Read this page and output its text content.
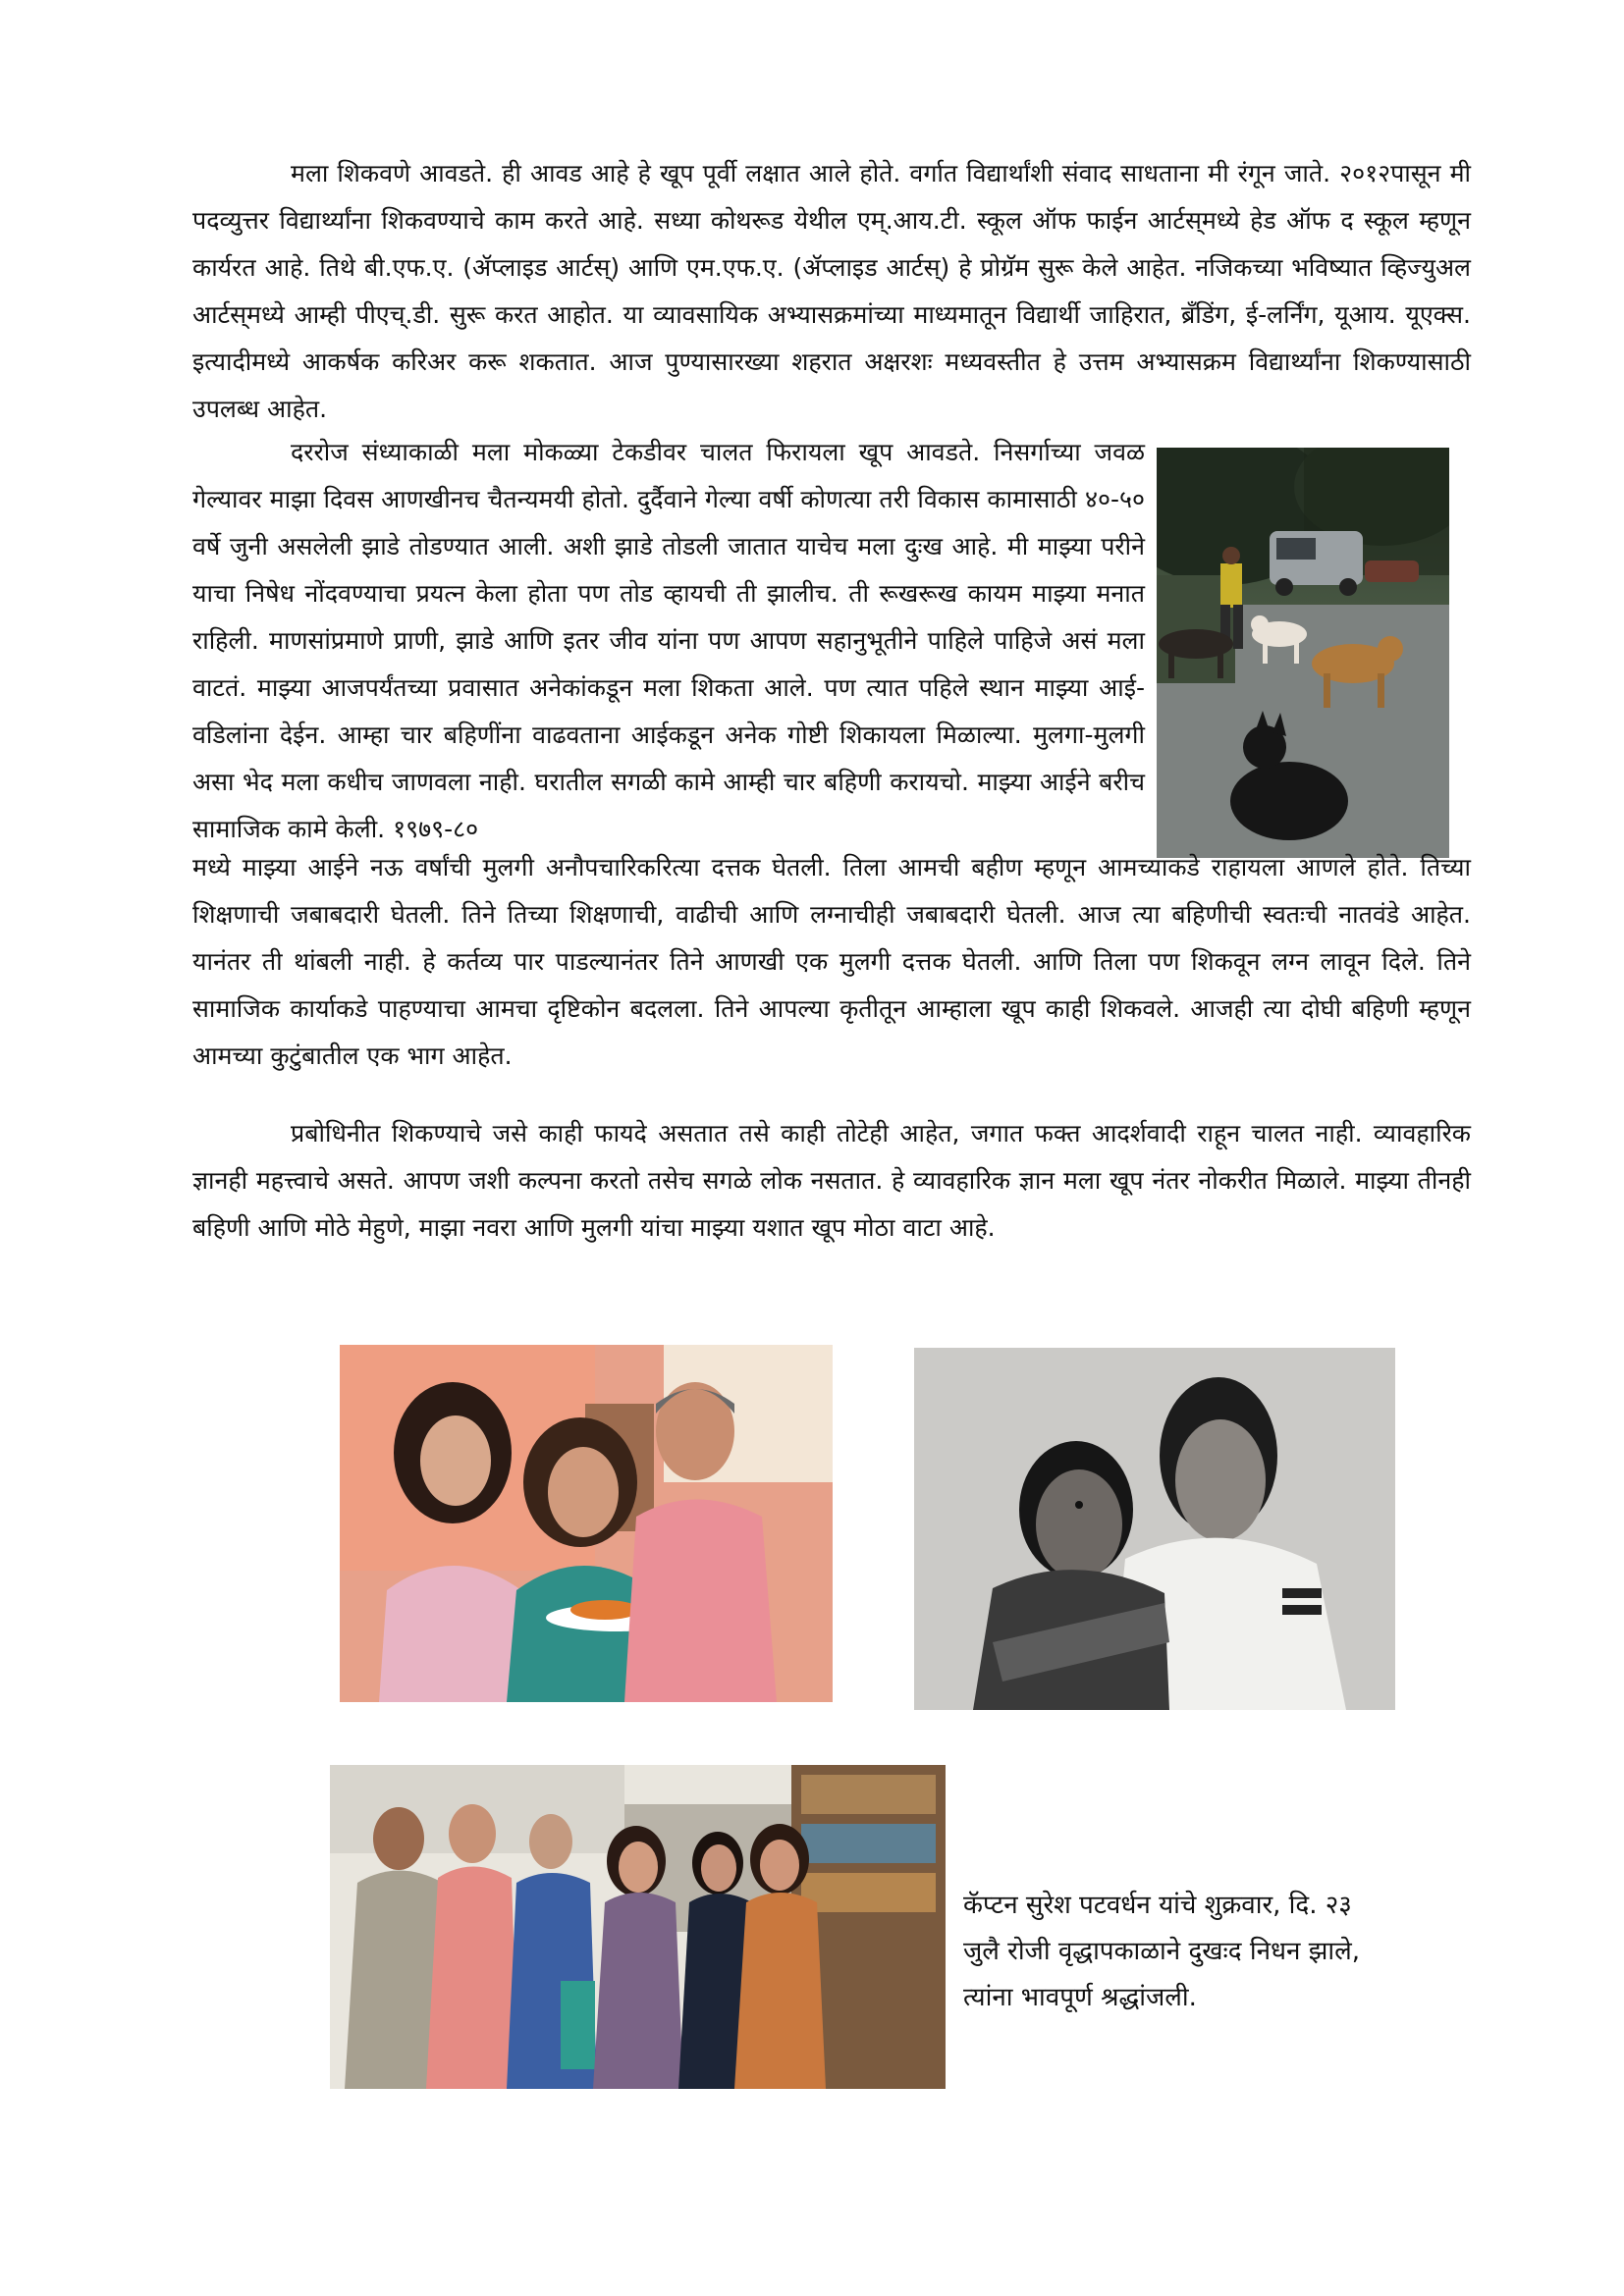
मला शिकवणे आवडते. ही आवड आहे हे खूप पूर्वी लक्षात आले होते. वर्गात विद्यार्थांशी संवाद साधताना मी रंगून जाते. २०१२पासून मी पदव्युत्तर विद्यार्थ्यांना शिकवण्याचे काम करते आहे. सध्या कोथरूड येथील एम्.आय.टी. स्कूल ऑफ फाईन आर्टस्‌मध्ये हेड ऑफ द स्कूल म्हणून कार्यरत आहे. तिथे बी.एफ.ए. (ॲप्लाइड आर्टस्) आणि एम.एफ.ए. (ॲप्लाइड आर्टस्) हे प्रोग्रॅम सुरू केले आहेत. नजिकच्या भविष्यात व्हिज्युअल आर्टस्‌मध्ये आम्ही पीएच्.डी. सुरू करत आहोत. या व्यावसायिक अभ्यासक्रमांच्या माध्यमातून विद्यार्थी जाहिरात, ब्रँडिंग, ई-लर्निंग, यूआय. यूएक्स. इत्यादीमध्ये आकर्षक करिअर करू शकतात. आज पुण्यासारख्या शहरात अक्षरशः मध्यवस्तीत हे उत्तम अभ्यासक्रम विद्यार्थ्यांना शिकण्यासाठी उपलब्ध आहेत.

दररोज संध्याकाळी मला मोकळ्या टेकडीवर चालत फिरायला खूप आवडते. निसर्गाच्या जवळ गेल्यावर माझा दिवस आणखीनच चैतन्यमयी होतो. दुर्दैवाने गेल्या वर्षी कोणत्या तरी विकास कामासाठी ४०-५० वर्षे जुनी असलेली झाडे तोडण्यात आली. अशी झाडे तोडली जातात याचेच मला दुःख आहे. मी माझ्या परीने याचा निषेध नोंदवण्याचा प्रयत्न केला होता पण तोड व्हायची ती झालीच. ती रूखरूख कायम माझ्या मनात राहिली. माणसांप्रमाणे प्राणी, झाडे आणि इतर जीव यांना पण आपण सहानुभूतीने पाहिले पाहिजे असं मला वाटतं. माझ्या आजपर्यंतच्या प्रवासात अनेकांकडून मला शिकता आले. पण त्यात पहिले स्थान माझ्या आई-वडिलांना देईन. आम्हा चार बहिणींना वाढवताना आईकडून अनेक गोष्टी शिकायला मिळाल्या. मुलगा-मुलगी असा भेद मला कधीच जाणवला नाही. घरातील सगळी कामे आम्ही चार बहिणी करायचो. माझ्या आईने बरीच सामाजिक कामे केली. १९७९-८०

मध्ये माझ्या आईने नऊ वर्षांची मुलगी अनौपचारिकरित्या दत्तक घेतली. तिला आमची बहीण म्हणून आमच्याकडे राहायला आणले होते. तिच्या शिक्षणाची जबाबदारी घेतली. तिने तिच्या शिक्षणाची, वाढीची आणि लग्नाचीही जबाबदारी घेतली. आज त्या बहिणीची स्वतःची नातवंडे आहेत. यानंतर ती थांबली नाही. हे कर्तव्य पार पाडल्यानंतर तिने आणखी एक मुलगी दत्तक घेतली. आणि तिला पण शिकवून लग्न लावून दिले. तिने सामाजिक कार्याकडे पाहण्याचा आमचा दृष्टिकोन बदलला. तिने आपल्या कृतीतून आम्हाला खूप काही शिकवले. आजही त्या दोघी बहिणी म्हणून आमच्या कुटुंबातील एक भाग आहेत.

प्रबोधिनीत शिकण्याचे जसे काही फायदे असतात तसे काही तोटेही आहेत, जगात फक्त आदर्शवादी राहून चालत नाही. व्यावहारिक ज्ञानही महत्त्वाचे असते. आपण जशी कल्पना करतो तसेच सगळे लोक नसतात. हे व्यावहारिक ज्ञान मला खूप नंतर नोकरीत मिळाले. माझ्या तीनही बहिणी आणि मोठे मेहुणे, माझा नवरा आणि मुलगी यांचा माझ्या यशात खूप मोठा वाटा आहे.

कॅप्टन सुरेश पटवर्धन यांचे शुक्रवार, दि. २३ जुलै रोजी वृद्धापकाळाने दुखःद निधन झाले, त्यांना भावपूर्ण श्रद्धांजली.
